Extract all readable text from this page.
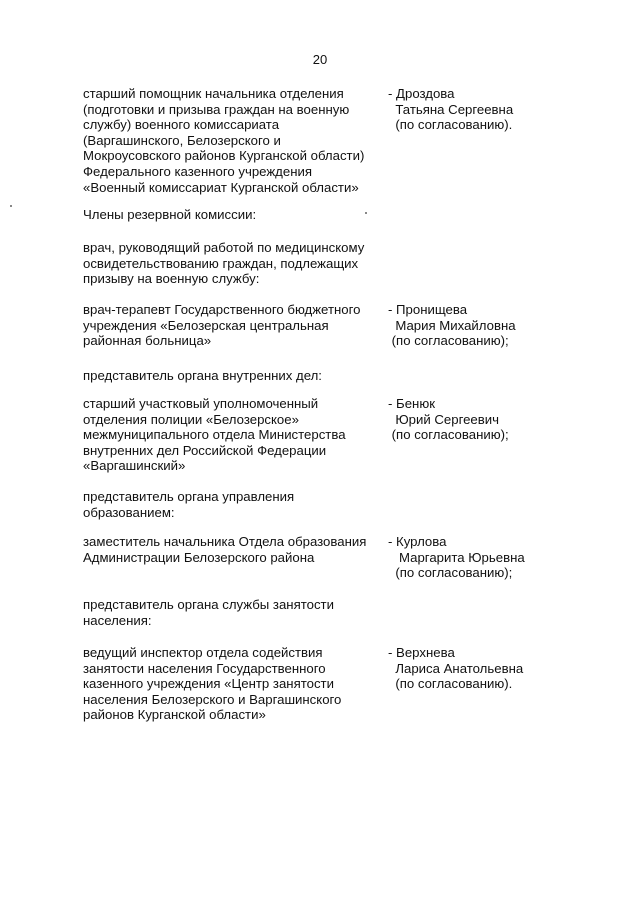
20
старший помощник начальника отделения
(подготовки и призыва граждан на военную
службу) военного комиссариата
(Варгашинского, Белозерского и
Мокроусовского районов Курганской области)
Федерального казенного учреждения
«Военный комиссариат Курганской области»
- Дроздова
Татьяна Сергеевна
(по согласованию).
Члены резервной комиссии:
врач, руководящий работой по медицинскому
освидетельствованию граждан, подлежащих
призыву на военную службу:
врач-терапевт Государственного бюджетного
учреждения «Белозерская центральная
районная больница»
- Пронищева
Мария Михайловна
(по согласованию);
представитель органа внутренних дел:
старший участковый уполномоченный
отделения полиции «Белозерское»
межмуниципального отдела Министерства
внутренних дел Российской Федерации
«Варгашинский»
- Бенюк
Юрий Сергеевич
(по согласованию);
представитель органа управления
образованием:
заместитель начальника Отдела образования
Администрации Белозерского района
- Курлова
Маргарита Юрьевна
(по согласованию);
представитель органа службы занятости
населения:
ведущий инспектор отдела содействия
занятости населения Государственного
казенного учреждения «Центр занятости
населения Белозерского и Варгашинского
районов Курганской области»
- Верхнева
Лариса Анатольевна
(по согласованию).
